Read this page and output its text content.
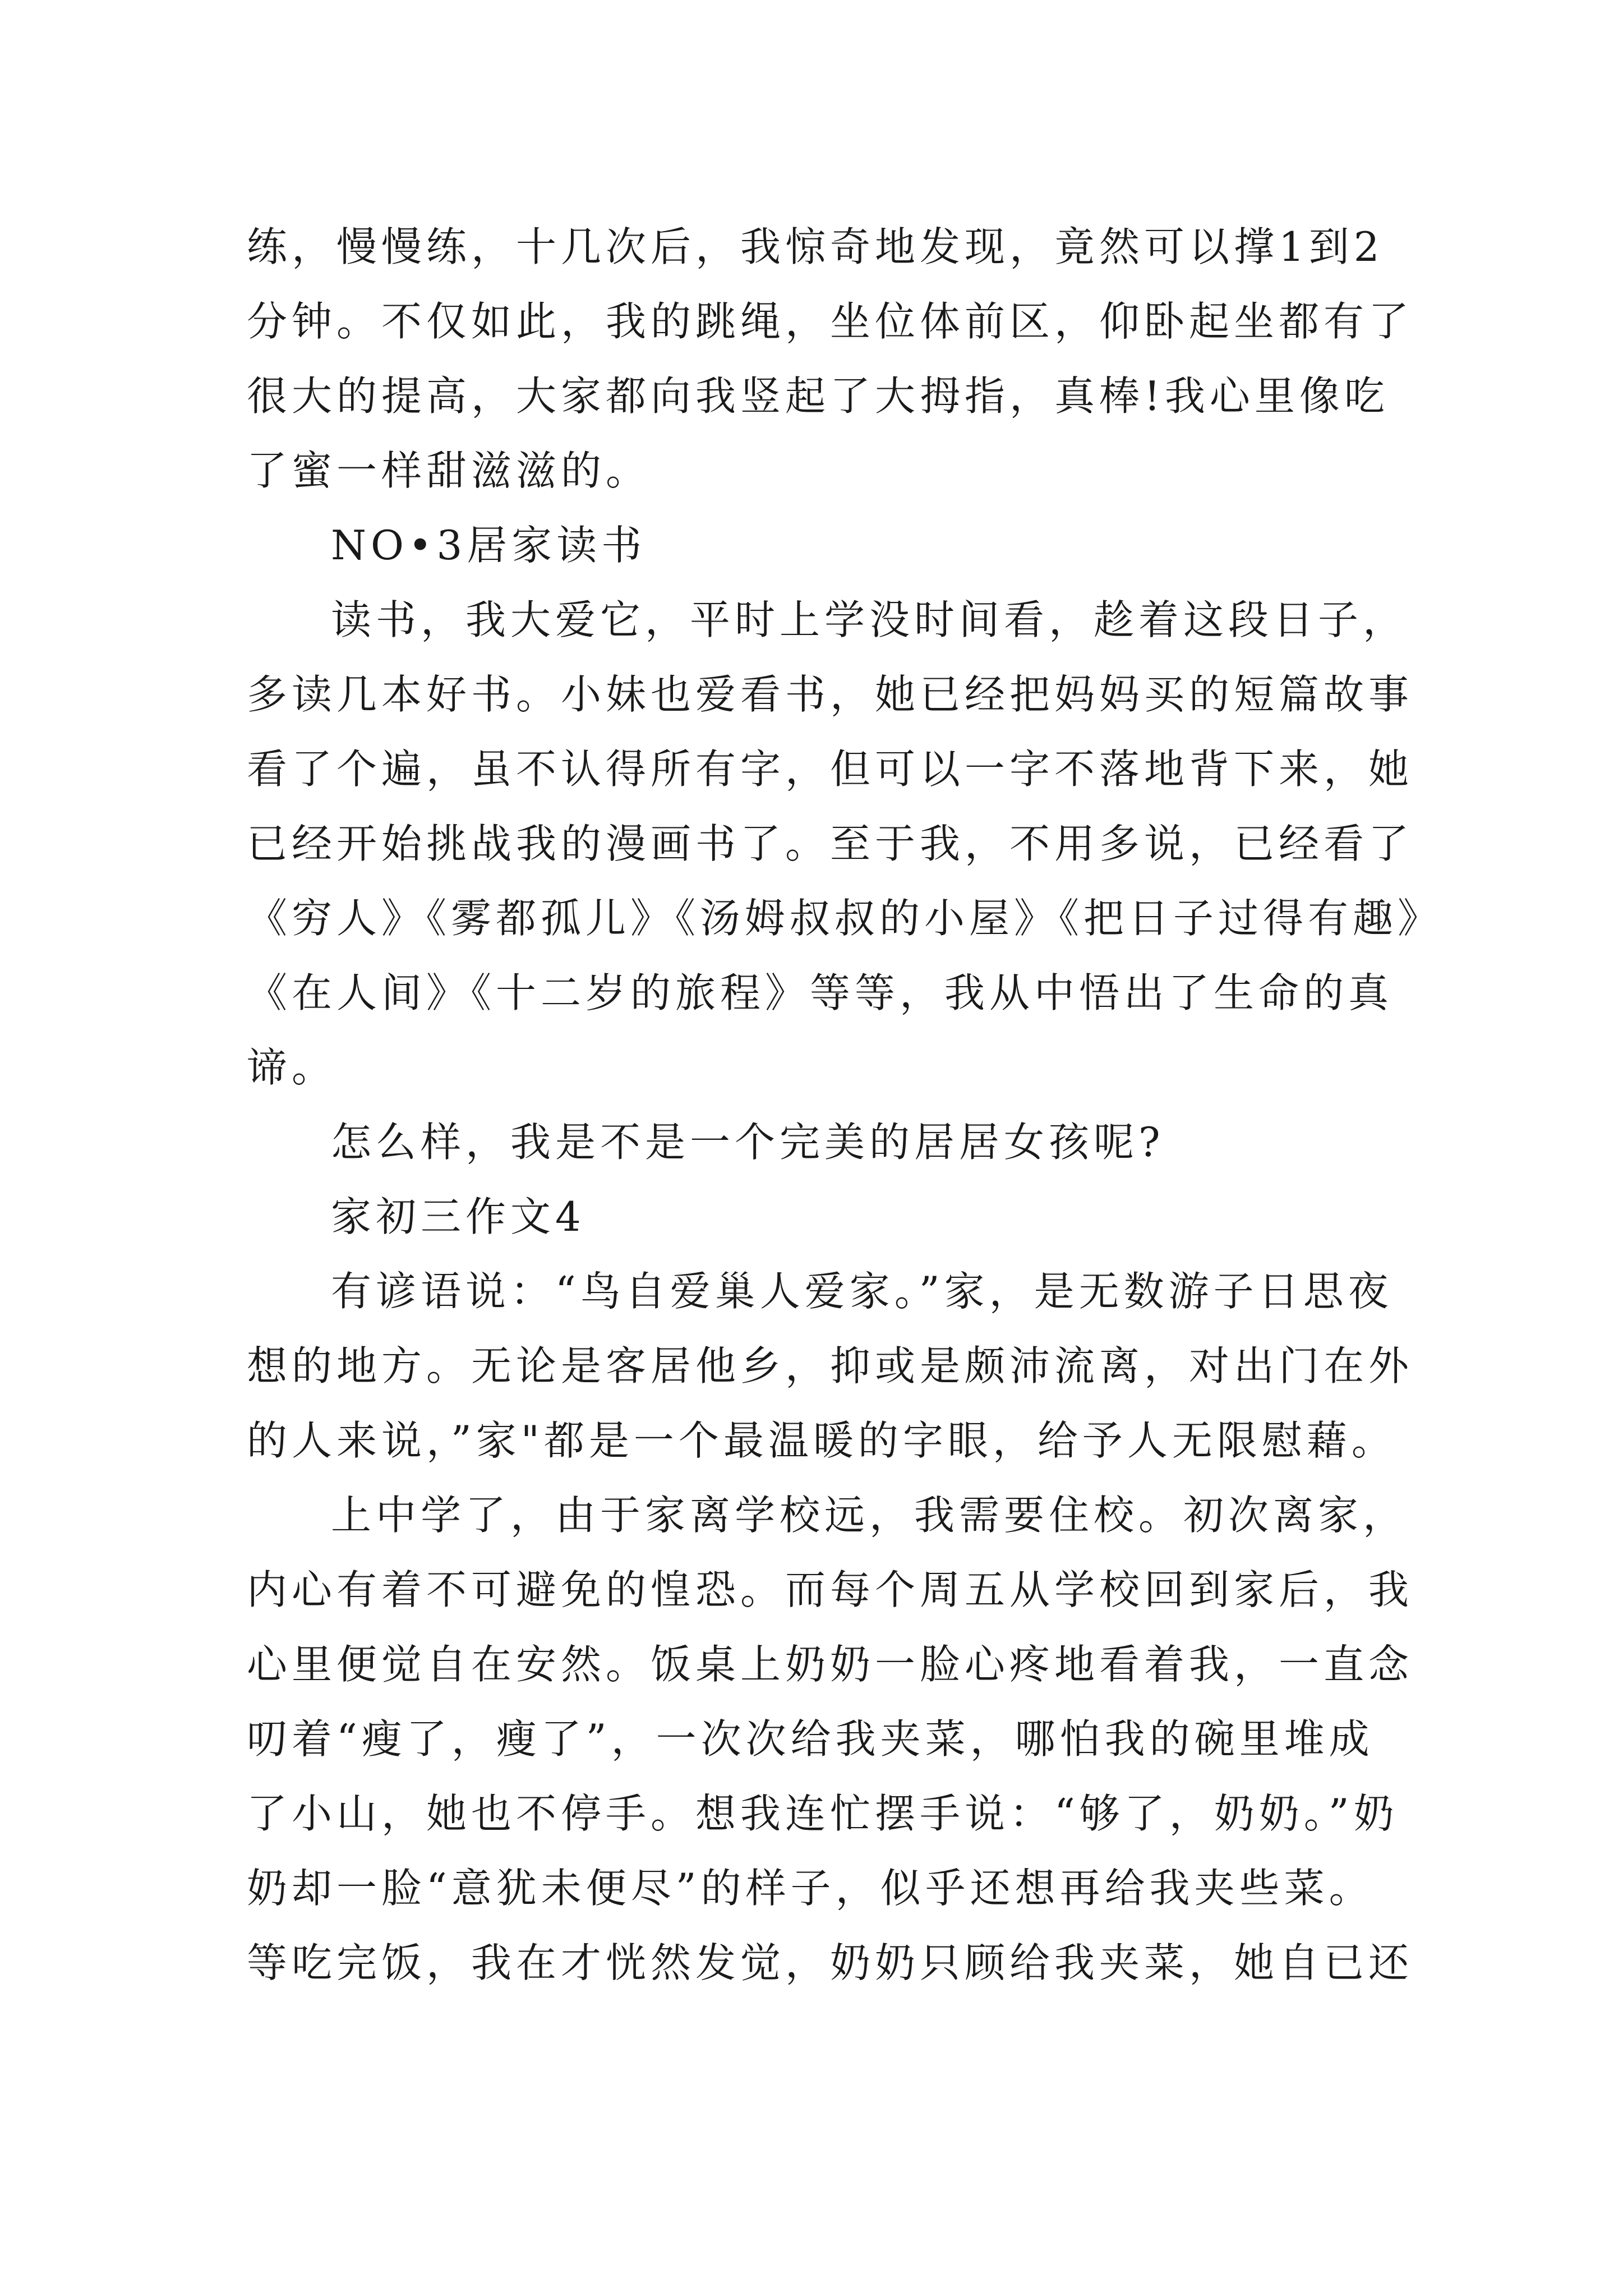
练，慢慢练，十几次后，我惊奇地发现，竟然可以撑1到2
分钟。不仅如此，我的跳绳，坐位体前区，仰卧起坐都有了
很大的提高，大家都向我竖起了大拇指，真棒!我心里像吃
了蜜一样甜滋滋的。
NO•3居家读书
读书，我大爱它，平时上学没时间看，趁着这段日子，
多读几本好书。小妹也爱看书，她已经把妈妈买的短篇故事
看了个遍，虽不认得所有字，但可以一字不落地背下来，她
已经开始挑战我的漫画书了。至于我，不用多说，已经看了
《穷人》《雾都孤儿》《汤姆叔叔的小屋》《把日子过得有趣》
《在人间》《十二岁的旅程》等等，我从中悟出了生命的真
谛。
怎么样，我是不是一个完美的居居女孩呢?
家初三作文4
有谚语说：“鸟自爱巢人爱家。”家，是无数游子日思夜
想的地方。无论是客居他乡，抑或是颇沛流离，对出门在外
的人来说，”家"都是一个最温暖的字眼，给予人无限慰藉。
上中学了，由于家离学校远，我需要住校。初次离家，
内心有着不可避免的惶恐。而每个周五从学校回到家后，我
心里便觉自在安然。饭桌上奶奶一脸心疼地看着我，一直念
叨着“瘦了，瘦了”，一次次给我夹菜，哪怕我的碗里堆成
了小山，她也不停手。想我连忙摆手说：“够了，奶奶。”奶
奶却一脸“意犹未便尽”的样子，似乎还想再给我夹些菜。
等吃完饭，我在才恍然发觉，奶奶只顾给我夹菜，她自已还
